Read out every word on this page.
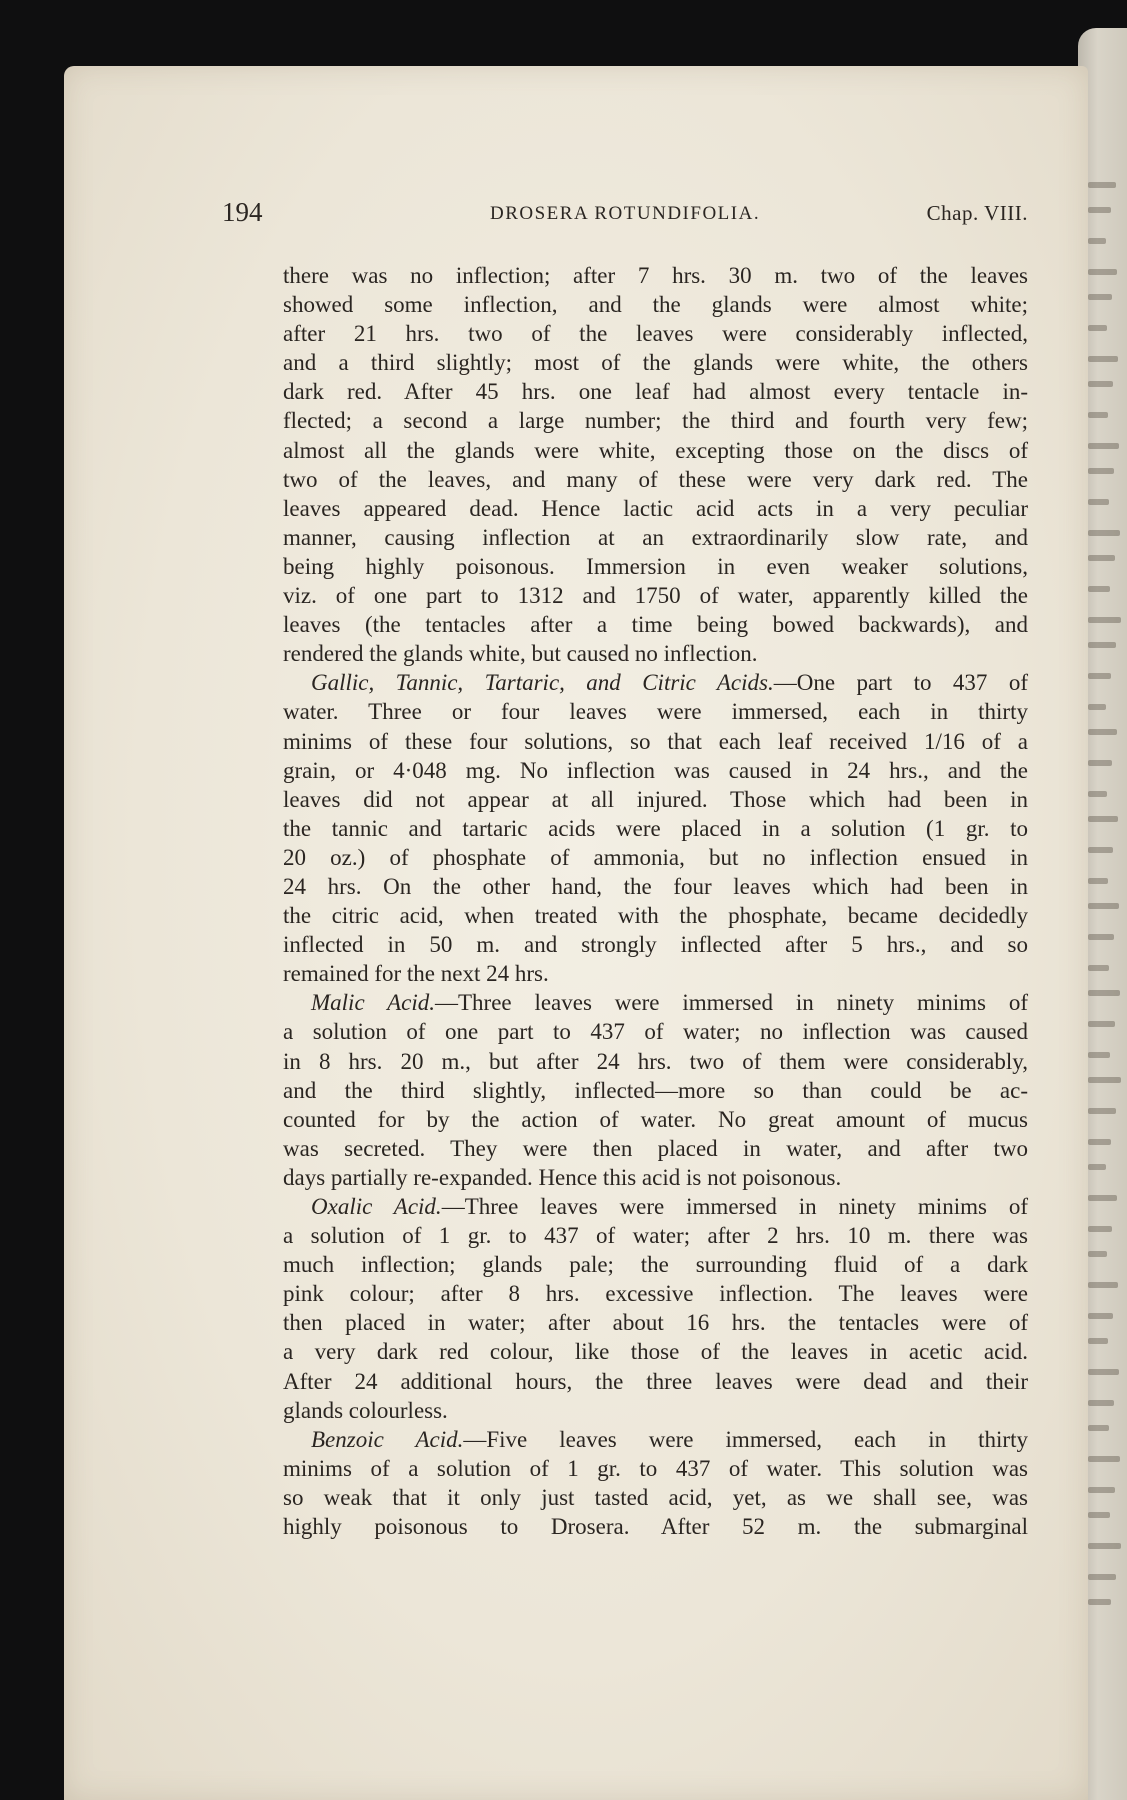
194	DROSERA ROTUNDIFOLIA.	Chap. VIII.
there was no inflection; after 7 hrs. 30 m. two of the leaves
showed some inflection, and the glands were almost white;
after 21 hrs. two of the leaves were considerably inflected,
and a third slightly; most of the glands were white, the others
dark red. After 45 hrs. one leaf had almost every tentacle in-
flected; a second a large number; the third and fourth very few;
almost all the glands were white, excepting those on the discs of
two of the leaves, and many of these were very dark red. The
leaves appeared dead. Hence lactic acid acts in a very peculiar
manner, causing inflection at an extraordinarily slow rate, and
being highly poisonous. Immersion in even weaker solutions,
viz. of one part to 1312 and 1750 of water, apparently killed the
leaves (the tentacles after a time being bowed backwards), and
rendered the glands white, but caused no inflection.
Gallic, Tannic, Tartaric, and Citric Acids.—One part to 437 of
water. Three or four leaves were immersed, each in thirty
minims of these four solutions, so that each leaf received 1/16 of a
grain, or 4·048 mg. No inflection was caused in 24 hrs., and the
leaves did not appear at all injured. Those which had been in
the tannic and tartaric acids were placed in a solution (1 gr. to
20 oz.) of phosphate of ammonia, but no inflection ensued in
24 hrs. On the other hand, the four leaves which had been in
the citric acid, when treated with the phosphate, became decidedly
inflected in 50 m. and strongly inflected after 5 hrs., and so
remained for the next 24 hrs.
Malic Acid.—Three leaves were immersed in ninety minims of
a solution of one part to 437 of water; no inflection was caused
in 8 hrs. 20 m., but after 24 hrs. two of them were considerably,
and the third slightly, inflected—more so than could be ac-
counted for by the action of water. No great amount of mucus
was secreted. They were then placed in water, and after two
days partially re-expanded. Hence this acid is not poisonous.
Oxalic Acid.—Three leaves were immersed in ninety minims of
a solution of 1 gr. to 437 of water; after 2 hrs. 10 m. there was
much inflection; glands pale; the surrounding fluid of a dark
pink colour; after 8 hrs. excessive inflection. The leaves were
then placed in water; after about 16 hrs. the tentacles were of
a very dark red colour, like those of the leaves in acetic acid.
After 24 additional hours, the three leaves were dead and their
glands colourless.
Benzoic Acid.—Five leaves were immersed, each in thirty
minims of a solution of 1 gr. to 437 of water. This solution was
so weak that it only just tasted acid, yet, as we shall see, was
highly poisonous to Drosera. After 52 m. the submarginal
